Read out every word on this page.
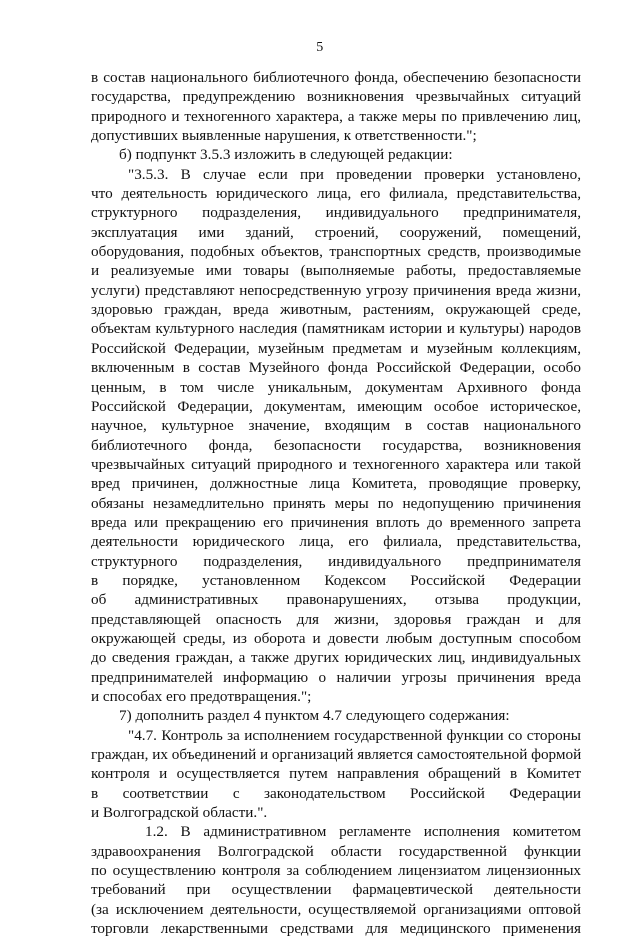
5
в состав национального библиотечного фонда, обеспечению безопасности
государства, предупреждению возникновения чрезвычайных ситуаций
природного и техногенного характера, а также меры по привлечению лиц,
допустивших выявленные нарушения, к ответственности.";
б) подпункт 3.5.3 изложить в следующей редакции:
"3.5.3. В случае если при проведении проверки установлено,
что деятельность юридического лица, его филиала, представительства,
структурного подразделения, индивидуального предпринимателя,
эксплуатация ими зданий, строений, сооружений, помещений,
оборудования, подобных объектов, транспортных средств, производимые
и реализуемые ими товары (выполняемые работы, предоставляемые
услуги) представляют непосредственную угрозу причинения вреда жизни,
здоровью граждан, вреда животным, растениям, окружающей среде,
объектам культурного наследия (памятникам истории и культуры) народов
Российской Федерации, музейным предметам и музейным коллекциям,
включенным в состав Музейного фонда Российской Федерации, особо
ценным, в том числе уникальным, документам Архивного фонда
Российской Федерации, документам, имеющим особое историческое,
научное, культурное значение, входящим в состав национального
библиотечного фонда, безопасности государства, возникновения
чрезвычайных ситуаций природного и техногенного характера или такой
вред причинен, должностные лица Комитета, проводящие проверку,
обязаны незамедлительно принять меры по недопущению причинения
вреда или прекращению его причинения вплоть до временного запрета
деятельности юридического лица, его филиала, представительства,
структурного подразделения, индивидуального предпринимателя
в порядке, установленном Кодексом Российской Федерации
об административных правонарушениях, отзыва продукции,
представляющей опасность для жизни, здоровья граждан и для
окружающей среды, из оборота и довести любым доступным способом
до сведения граждан, а также других юридических лиц, индивидуальных
предпринимателей информацию о наличии угрозы причинения вреда
и способах его предотвращения.";
7) дополнить раздел 4 пунктом 4.7 следующего содержания:
"4.7. Контроль за исполнением государственной функции со стороны
граждан, их объединений и организаций является самостоятельной формой
контроля и осуществляется путем направления обращений в Комитет
в соответствии с законодательством Российской Федерации
и Волгоградской области.".
1.2. В административном регламенте исполнения комитетом
здравоохранения Волгоградской области государственной функции
по осуществлению контроля за соблюдением лицензиатом лицензионных
требований при осуществлении фармацевтической деятельности
(за исключением деятельности, осуществляемой организациями оптовой
торговли лекарственными средствами для медицинского применения
